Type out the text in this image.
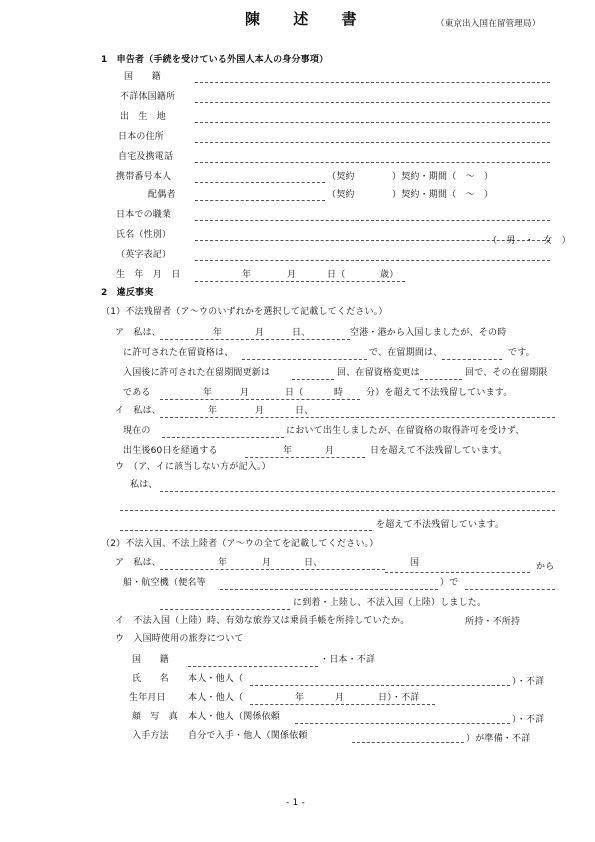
陳 述 書	（東京出入国在留管理局）
1　申告者（手続を受けている外国人本人の身分事項）
国　　籍
不詳体国籍所
出　生　地
日本の住所
自宅及携電話
携帯番号本人	（契約	）契約・期間（　～　）
配偶者	（契約	）契約・期間（　～　）
日本での職業
氏名（性別）
（　男　・　女　）
（英字表記）
生　年　月　日	年	月	日（	歳）
2　違反事実
（1）不法残留者（ア～ウのいずれかを選択して記載してください。）
ア　私は、	年	月	日、	空港・港から入国しましたが、その時
に許可された在留資格は、	で、在留期間は、	です。
入国後に許可された在留期間更新は	回、在留資格変更は	回で、その在留期限
である	年	月	日（	時	分）を超えて不法残留しています。
イ　私は、	年	月	日、
現在の	において出生しましたが、在留資格の取得許可を受けず、
出生後60日を経過する	年	月	日を超えて不法残留しています。
ウ　（ア、イに該当しない方が記入。）
私は、
を超えて不法残留しています。
（2）不法入国、不法上陸者（ア～ウの全てを記載してください。）
ア　私は、	年	月	日、	国	から
船・航空機（便名等	）で
に到着・上陸し、不法入国（上陸）しました。
イ　不法入国（上陸）時、有効な旅券又は乗員手帳を所持していたか。	所持・不所持
ウ　入国時使用の旅券について
国　　籍	・日本・不詳
氏　　名 本人・他人（	）・不詳
生年月日 本人・他人（	年	月	日）・不詳
顔　写　真 本人・他人（関係依頼	）・不詳
入手方法 自分で入手・他人（関係依頼	）が準備・不詳
- 1 -
